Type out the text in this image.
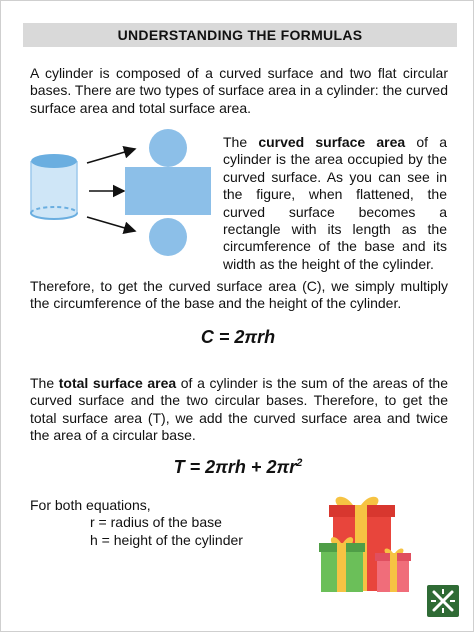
UNDERSTANDING THE FORMULAS
A cylinder is composed of a curved surface and two flat circular bases. There are two types of surface area in a cylinder: the curved surface area and total surface area.
The curved surface area of a cylinder is the area occupied by the curved surface. As you can see in the figure, when flattened, the curved surface becomes a rectangle with its length as the circumference of the base and its width as the height of the cylinder.
Therefore, to get the curved surface area (C), we simply multiply the circumference of the base and the height of the cylinder.
C = 2πrh
The total surface area of a cylinder is the sum of the areas of the curved surface and the two circular bases. Therefore, to get the total surface area (T), we add the curved surface area and twice the area of a circular base.
$T = 2\pi rh + 2\pi r^2$
For both equations,
r = radius of the base
h = height of the cylinder
